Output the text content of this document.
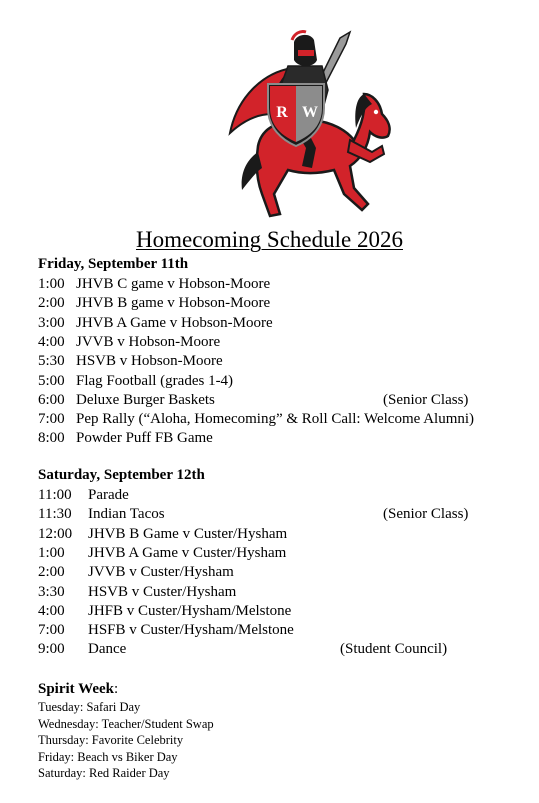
R W
Homecoming Schedule 2026
Friday, September 11th
1:00 JHVB C game v Hobson-Moore
2:00 JHVB B game v Hobson-Moore
3:00 JHVB A Game v Hobson-Moore
4:00 JVVB v Hobson-Moore
5:30 HSVB v Hobson-Moore
5:00 Flag Football (grades 1-4)
6:00 Deluxe Burger Baskets	(Senior Class)
7:00 Pep Rally (“Aloha, Homecoming” & Roll Call: Welcome Alumni)
8:00 Powder Puff FB Game
Saturday, September 12th
11:00 Parade
11:30 Indian Tacos	(Senior Class)
12:00 JHVB B Game v Custer/Hysham
1:00 JHVB A Game v Custer/Hysham
2:00 JVVB v Custer/Hysham
3:30 HSVB v Custer/Hysham
4:00 JHFB v Custer/Hysham/Melstone
7:00 HSFB v Custer/Hysham/Melstone
9:00 Dance	(Student Council)
Spirit Week:
Tuesday: Safari Day
Wednesday: Teacher/Student Swap
Thursday: Favorite Celebrity
Friday: Beach vs Biker Day
Saturday: Red Raider Day
